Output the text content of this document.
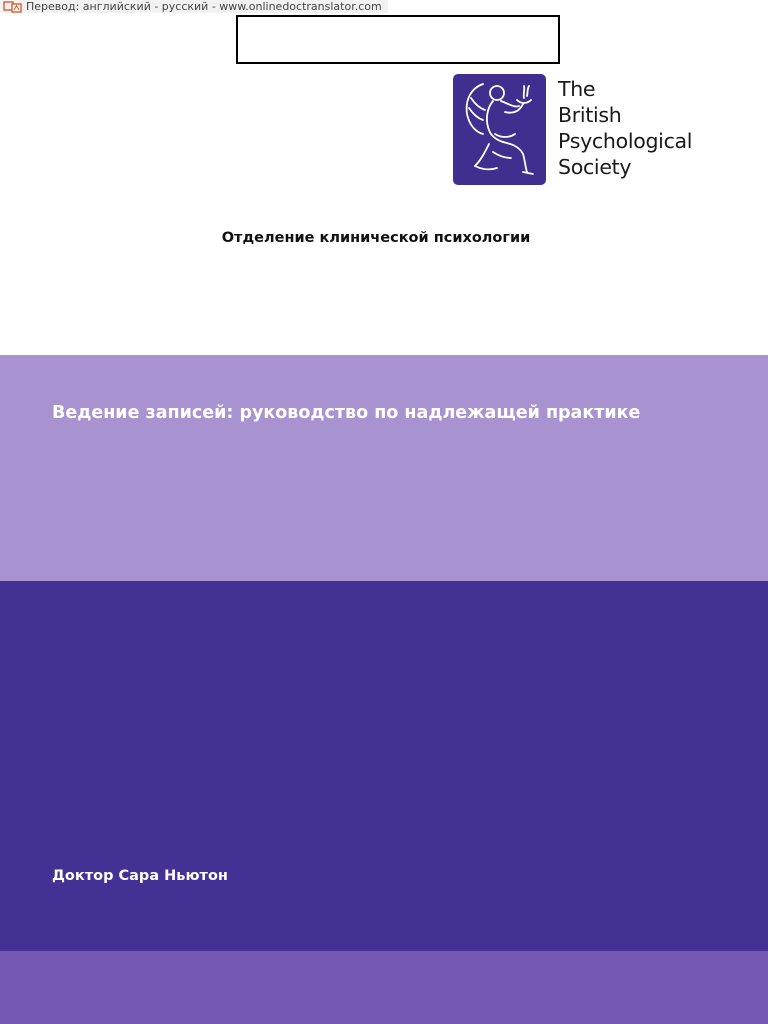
Перевод: английский - русский - www.onlinedoctranslator.com
The
British
Psychological
Society
Отделение клинической психологии
Ведение записей: руководство по надлежащей практике
Доктор Сара Ньютон
